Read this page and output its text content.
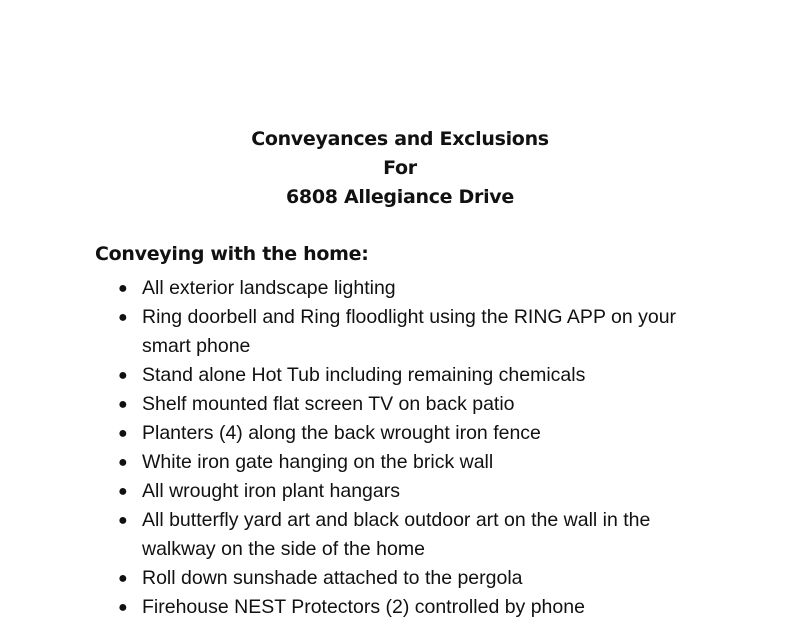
Conveyances and Exclusions
For
6808 Allegiance Drive
Conveying with the home:
● All exterior landscape lighting
● Ring doorbell and Ring floodlight using the RING APP on your smart phone
● Stand alone Hot Tub including remaining chemicals
● Shelf mounted flat screen TV on back patio
● Planters (4) along the back wrought iron fence
● White iron gate hanging on the brick wall
● All wrought iron plant hangars
● All butterfly yard art and black outdoor art on the wall in the walkway on the side of the home
● Roll down sunshade attached to the pergola
● Firehouse NEST Protectors (2) controlled by phone
